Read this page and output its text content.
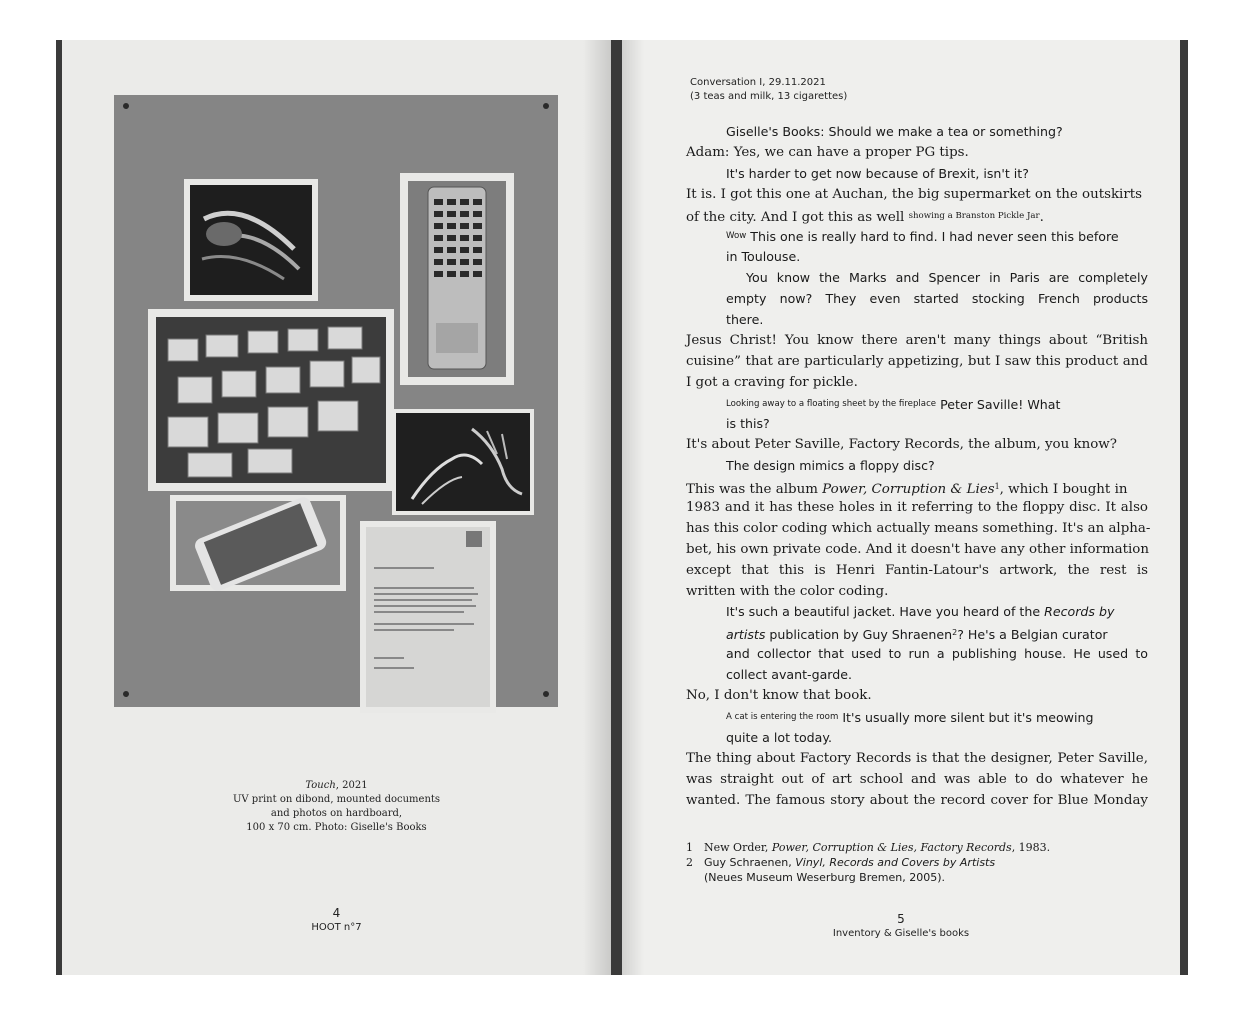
Touch, 2021
UV print on dibond, mounted documents
and photos on hardboard,
100 x 70 cm. Photo: Giselle's Books
4
HOOT n°7
Conversation I, 29.11.2021
(3 teas and milk, 13 cigarettes)
Giselle's Books: Should we make a tea or something?
Adam: Yes, we can have a proper PG tips.
It's harder to get now because of Brexit, isn't it?
It is. I got this one at Auchan, the big supermarket on the outskirts
of the city. And I got this as well $^{showing a Branston Pickle Jar}$.
$^{Wow}$ This one is really hard to find. I had never seen this before
in Toulouse.
You know the Marks and Spencer in Paris are completely
empty now? They even started stocking French products
there.
Jesus Christ! You know there aren't many things about “British
cuisine” that are particularly appetizing, but I saw this product and
I got a craving for pickle.
$^{Looking away to a floating sheet by the fireplace}$ Peter Saville! What
is this?
It's about Peter Saville, Factory Records, the album, you know?
The design mimics a floppy disc?
This was the album Power, Corruption & Lies$^1$, which I bought in
1983 and it has these holes in it referring to the floppy disc. It also
has this color coding which actually means something. It's an alpha-
bet, his own private code. And it doesn't have any other information
except that this is Henri Fantin-Latour's artwork, the rest is
written with the color coding.
It's such a beautiful jacket. Have you heard of the Records by
artists publication by Guy Shraenen$^2$? He's a Belgian curator
and collector that used to run a publishing house. He used to
collect avant-garde.
No, I don't know that book.
$^{A cat is entering the room}$ It's usually more silent but it's meowing
quite a lot today.
The thing about Factory Records is that the designer, Peter Saville,
was straight out of art school and was able to do whatever he
wanted. The famous story about the record cover for Blue Monday
1	New Order, Power, Corruption & Lies, Factory Records, 1983.
2	Guy Schraenen, Vinyl, Records and Covers by Artists
(Neues Museum Weserburg Bremen, 2005).
5
Inventory & Giselle's books
